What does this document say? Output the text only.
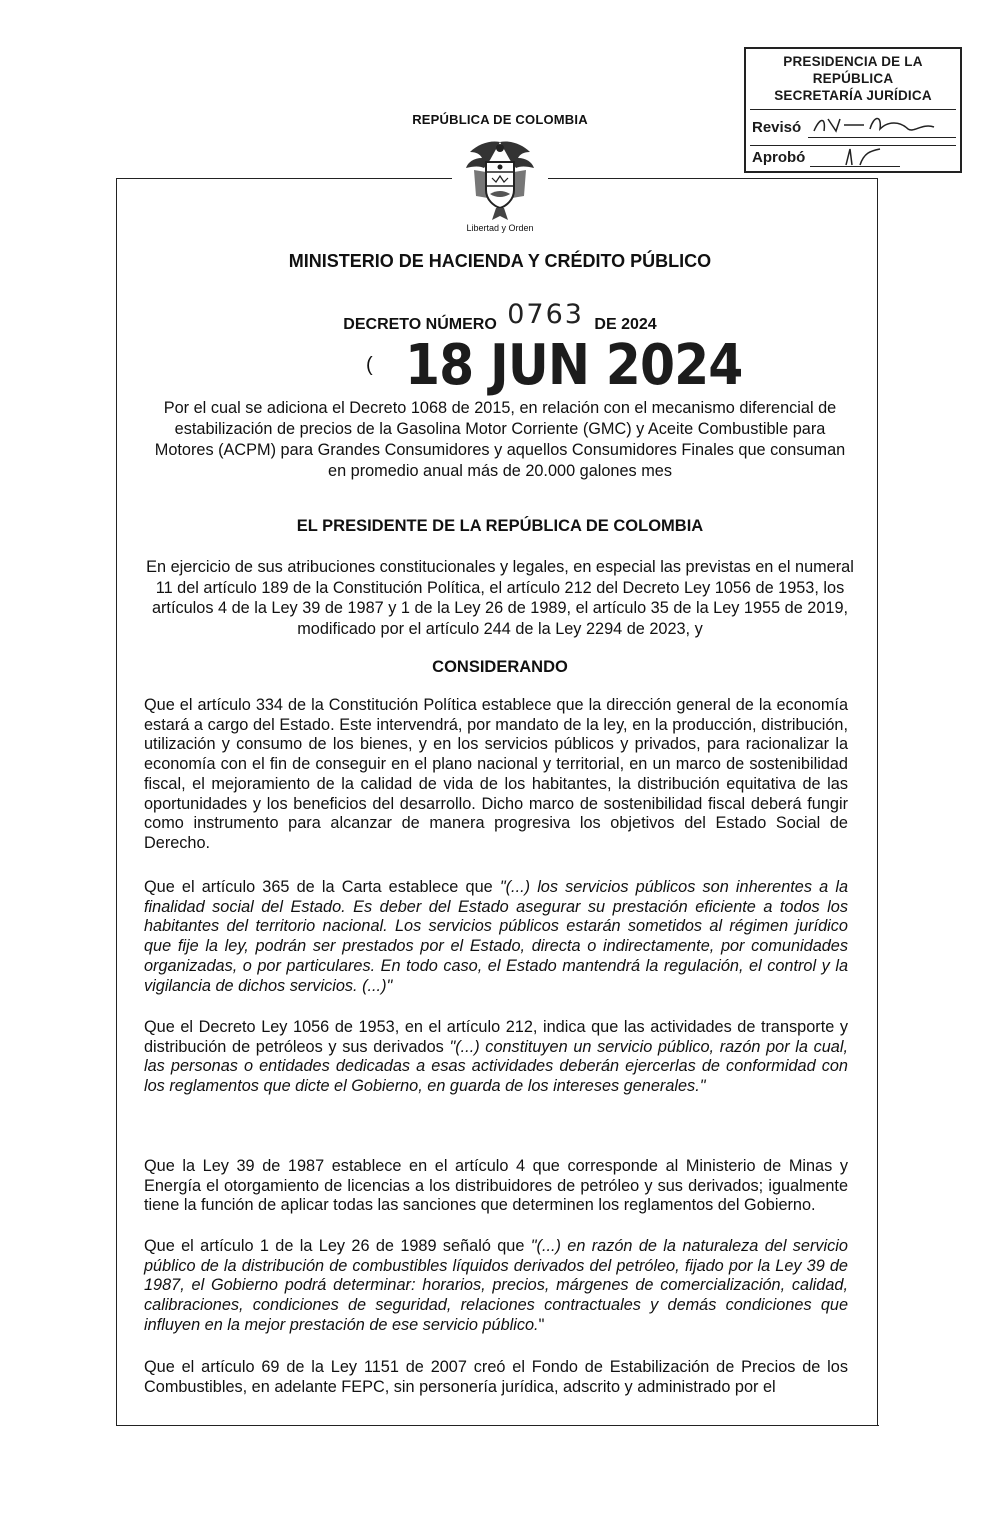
PRESIDENCIA DE LA REPÚBLICA
SECRETARÍA JURÍDICA
Revisó
Aprobó
REPÚBLICA DE COLOMBIA
Libertad y Orden
MINISTERIO DE HACIENDA Y CRÉDITO PÚBLICO
DECRETO NÚMERO 0763 DE 2024
( 18 JUN 2024
Por el cual se adiciona el Decreto 1068 de 2015, en relación con el mecanismo diferencial de estabilización de precios de la Gasolina Motor Corriente (GMC) y Aceite Combustible para Motores (ACPM) para Grandes Consumidores y aquellos Consumidores Finales que consuman en promedio anual más de 20.000 galones mes
EL PRESIDENTE DE LA REPÚBLICA DE COLOMBIA
En ejercicio de sus atribuciones constitucionales y legales, en especial las previstas en el numeral 11 del artículo 189 de la Constitución Política, el artículo 212 del Decreto Ley 1056 de 1953, los artículos 4 de la Ley 39 de 1987 y 1 de la Ley 26 de 1989, el artículo 35 de la Ley 1955 de 2019, modificado por el artículo 244 de la Ley 2294 de 2023, y
CONSIDERANDO
Que el artículo 334 de la Constitución Política establece que la dirección general de la economía estará a cargo del Estado. Este intervendrá, por mandato de la ley, en la producción, distribución, utilización y consumo de los bienes, y en los servicios públicos y privados, para racionalizar la economía con el fin de conseguir en el plano nacional y territorial, en un marco de sostenibilidad fiscal, el mejoramiento de la calidad de vida de los habitantes, la distribución equitativa de las oportunidades y los beneficios del desarrollo. Dicho marco de sostenibilidad fiscal deberá fungir como instrumento para alcanzar de manera progresiva los objetivos del Estado Social de Derecho.
Que el artículo 365 de la Carta establece que "(...) los servicios públicos son inherentes a la finalidad social del Estado. Es deber del Estado asegurar su prestación eficiente a todos los habitantes del territorio nacional. Los servicios públicos estarán sometidos al régimen jurídico que fije la ley, podrán ser prestados por el Estado, directa o indirectamente, por comunidades organizadas, o por particulares. En todo caso, el Estado mantendrá la regulación, el control y la vigilancia de dichos servicios. (...)"
Que el Decreto Ley 1056 de 1953, en el artículo 212, indica que las actividades de transporte y distribución de petróleos y sus derivados "(...) constituyen un servicio público, razón por la cual, las personas o entidades dedicadas a esas actividades deberán ejercerlas de conformidad con los reglamentos que dicte el Gobierno, en guarda de los intereses generales."
Que la Ley 39 de 1987 establece en el artículo 4 que corresponde al Ministerio de Minas y Energía el otorgamiento de licencias a los distribuidores de petróleo y sus derivados; igualmente tiene la función de aplicar todas las sanciones que determinen los reglamentos del Gobierno.
Que el artículo 1 de la Ley 26 de 1989 señaló que "(...) en razón de la naturaleza del servicio público de la distribución de combustibles líquidos derivados del petróleo, fijado por la Ley 39 de 1987, el Gobierno podrá determinar: horarios, precios, márgenes de comercialización, calidad, calibraciones, condiciones de seguridad, relaciones contractuales y demás condiciones que influyen en la mejor prestación de ese servicio público."
Que el artículo 69 de la Ley 1151 de 2007 creó el Fondo de Estabilización de Precios de los Combustibles, en adelante FEPC, sin personería jurídica, adscrito y administrado por el
